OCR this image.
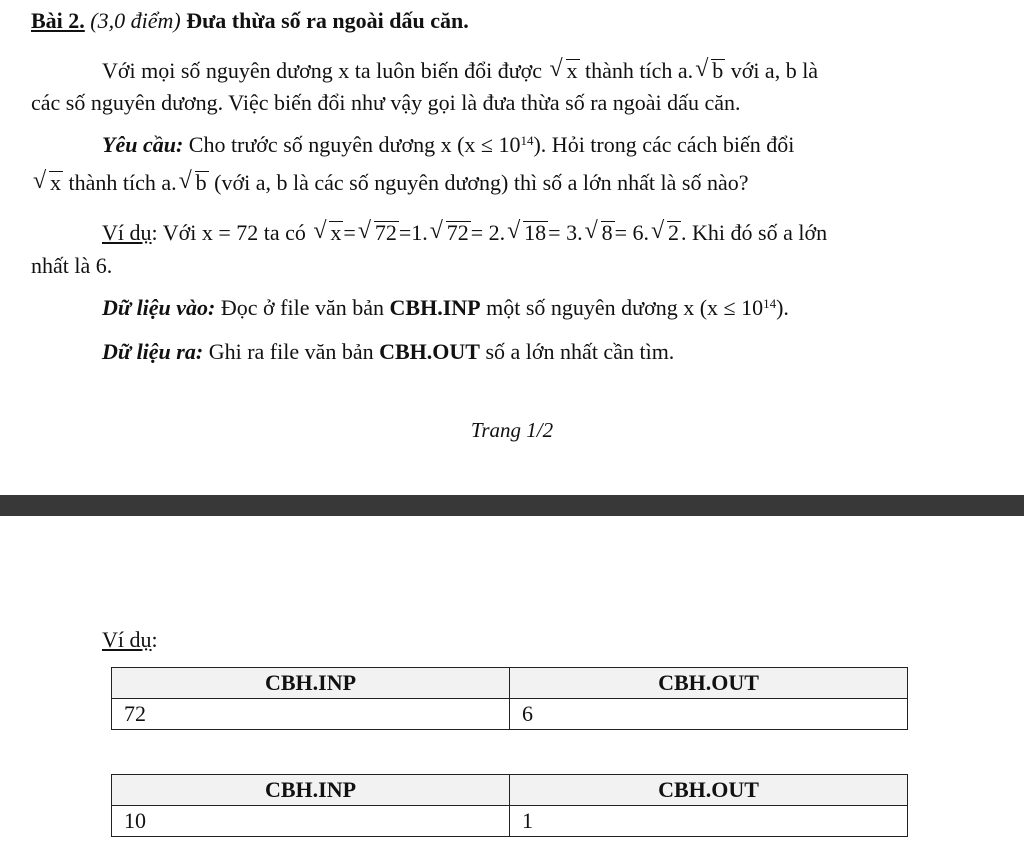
Bài 2. (3,0 điểm) Đưa thừa số ra ngoài dấu căn.
Với mọi số nguyên dương x ta luôn biến đổi được √ x thành tích a. √ b với a, b là
các số nguyên dương. Việc biến đổi như vậy gọi là đưa thừa số ra ngoài dấu căn.
Yêu cầu: Cho trước số nguyên dương x $(x \le 10^{14})$. Hỏi trong các cách biến đổi
√ x thành tích a. √ b (với a, b là các số nguyên dương) thì số a lớn nhất là số nào?
Ví dụ: Với x = 72 ta có √ x= √ 72=1. √ 72= 2. √ 18= 3. √ 8= 6. √ 2. Khi đó số a lớn
nhất là 6.
Dữ liệu vào: Đọc ở file văn bản CBH.INP một số nguyên dương x $(x \le 10^{14})$.
Dữ liệu ra: Ghi ra file văn bản CBH.OUT số a lớn nhất cần tìm.
Trang 1/2
Ví dụ:
CBH.INP	CBH.OUT
72	6
CBH.INP	CBH.OUT
10	1
